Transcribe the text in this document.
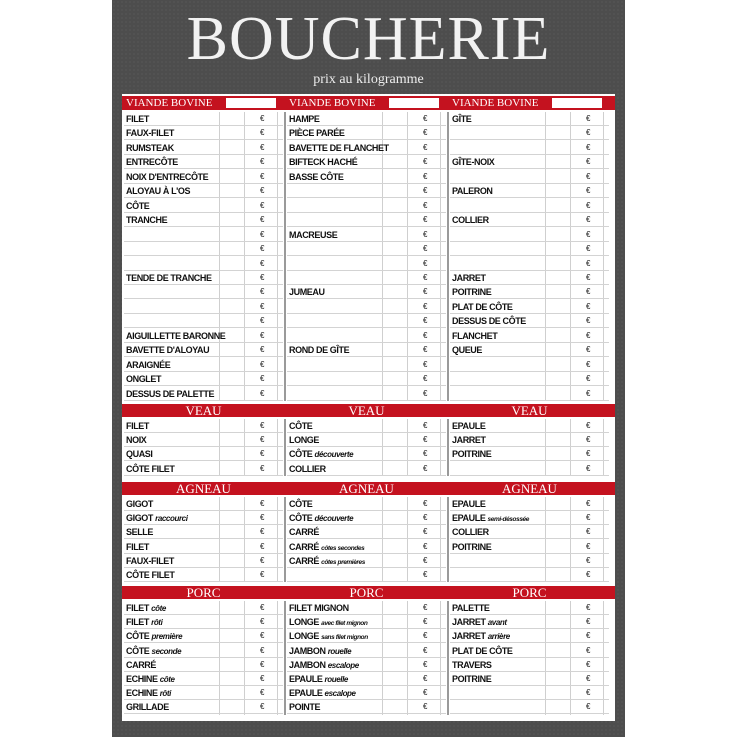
BOUCHERIE
prix au kilogramme
VIANDE BOVINE	VIANDE BOVINE	VIANDE BOVINE
FILET	€
FAUX-FILET	€
RUMSTEAK	€
ENTRECÔTE	€
NOIX D'ENTRECÔTE	€
ALOYAU À L'OS	€
CÔTE	€
TRANCHE	€
€
€
€
TENDE DE TRANCHE	€
€
€
€
AIGUILLETTE BARONNE	€
BAVETTE D'ALOYAU	€
ARAIGNÉE	€
ONGLET	€
DESSUS DE PALETTE	€
HAMPE	€
PIÈCE PARÉE	€
BAVETTE DE FLANCHET	€
BIFTECK HACHÉ	€
BASSE CÔTE	€
€
€
€
MACREUSE	€
€
€
€
JUMEAU	€
€
€
€
ROND DE GÎTE	€
€
€
€
GÎTE	€
€
€
GÎTE-NOIX	€
€
PALERON	€
€
COLLIER	€
€
€
€
JARRET	€
POITRINE	€
PLAT DE CÔTE	€
DESSUS DE CÔTE	€
FLANCHET	€
QUEUE	€
€
€
€
VEAU	VEAU	VEAU
FILET	€
NOIX	€
QUASI	€
CÔTE FILET	€
CÔTE	€
LONGE	€
CÔTE découverte	€
COLLIER	€
EPAULE	€
JARRET	€
POITRINE	€
€
AGNEAU	AGNEAU	AGNEAU
GIGOT	€
GIGOT raccourci	€
SELLE	€
FILET	€
FAUX-FILET	€
CÔTE FILET	€
CÔTE	€
CÔTE découverte	€
CARRÉ	€
CARRÉ côtes secondes	€
CARRÉ côtes premières	€
€
EPAULE	€
EPAULE semi-désossée	€
COLLIER	€
POITRINE	€
€
€
PORC	PORC	PORC
FILET côte	€
FILET rôti	€
CÔTE première	€
CÔTE seconde	€
CARRÉ	€
ECHINE côte	€
ECHINE rôti	€
GRILLADE	€
FILET MIGNON	€
LONGE avec filet mignon	€
LONGE sans filet mignon	€
JAMBON rouelle	€
JAMBON escalope	€
EPAULE rouelle	€
EPAULE escalope	€
POINTE	€
PALETTE	€
JARRET avant	€
JARRET arrière	€
PLAT DE CÔTE	€
TRAVERS	€
POITRINE	€
€
€
